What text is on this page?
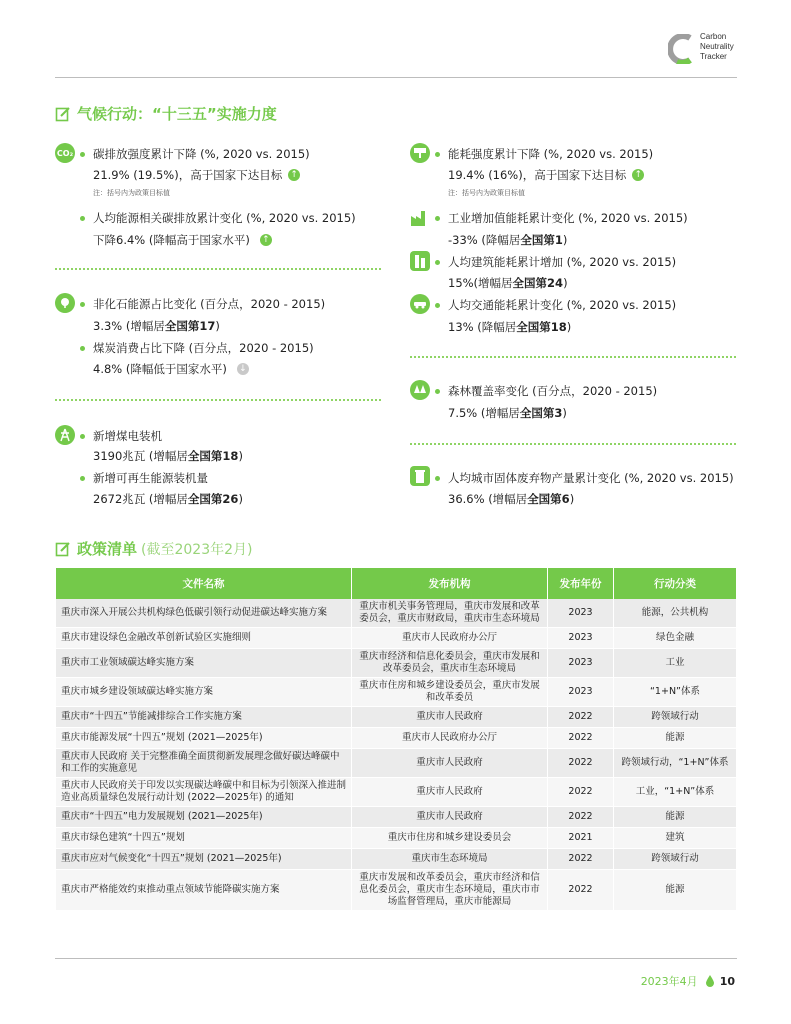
Carbon
Neutrality
Tracker
气候行动：“十三五”实施力度
CO₂ 碳排放强度累计下降 (%, 2020 vs. 2015)
21.9% (19.5%)，高于国家下达目标 ↑
注：括号内为政策目标值
人均能源相关碳排放累计变化 (%, 2020 vs. 2015)
下降6.4% (降幅高于国家水平) ↑
非化石能源占比变化 (百分点，2020 - 2015)
3.3% (增幅居 全国第17 )
煤炭消费占比下降 (百分点，2020 - 2015)
4.8% (降幅低于国家水平) ↓
新增煤电装机
3190兆瓦 (增幅居 全国第18 )
新增可再生能源装机量
2672兆瓦 (增幅居 全国第26 )
能耗强度累计下降 (%, 2020 vs. 2015)
19.4% (16%)，高于国家下达目标 ↑
注：括号内为政策目标值
工业增加值能耗累计变化 (%, 2020 vs. 2015)
-33% (降幅居 全国第1 )
人均建筑能耗累计增加 (%, 2020 vs. 2015)
15%(增幅居 全国第24 )
人均交通能耗累计变化 (%, 2020 vs. 2015)
13% (降幅居 全国第18 )
森林覆盖率变化 (百分点，2020 - 2015)
7.5% (增幅居 全国第3 )
人均城市固体废弃物产量累计变化 (%, 2020 vs. 2015)
36.6% (增幅居 全国第6 )
政策清单 (截至2023年2月)
文件名称	发布机构	发布年份	行动分类
重庆市深入开展公共机构绿色低碳引领行动促进碳达峰实施方案	重庆市机关事务管理局，重庆市发展和改革委员会，重庆市财政局，重庆市生态环境局	2023	能源，公共机构
重庆市建设绿色金融改革创新试验区实施细则	重庆市人民政府办公厅	2023	绿色金融
重庆市工业领域碳达峰实施方案	重庆市经济和信息化委员会，重庆市发展和改革委员会，重庆市生态环境局	2023	工业
重庆市城乡建设领域碳达峰实施方案	重庆市住房和城乡建设委员会，重庆市发展和改革委员	2023	“1+N”体系
重庆市“十四五”节能减排综合工作实施方案	重庆市人民政府	2022	跨领域行动
重庆市能源发展“十四五”规划 (2021—2025年)	重庆市人民政府办公厅	2022	能源
重庆市人民政府 关于完整准确全面贯彻新发展理念做好碳达峰碳中和工作的实施意见	重庆市人民政府	2022	跨领域行动，“1+N”体系
重庆市人民政府关于印发以实现碳达峰碳中和目标为引领深入推进制造业高质量绿色发展行动计划 (2022—2025年) 的通知	重庆市人民政府	2022	工业，“1+N”体系
重庆市“十四五”电力发展规划 (2021—2025年)	重庆市人民政府	2022	能源
重庆市绿色建筑“十四五”规划	重庆市住房和城乡建设委员会	2021	建筑
重庆市应对气候变化“十四五”规划 (2021—2025年)	重庆市生态环境局	2022	跨领域行动
重庆市严格能效约束推动重点领域节能降碳实施方案	重庆市发展和改革委员会，重庆市经济和信息化委员会，重庆市生态环境局，重庆市市场监督管理局，重庆市能源局	2022	能源
2023年4月 10
